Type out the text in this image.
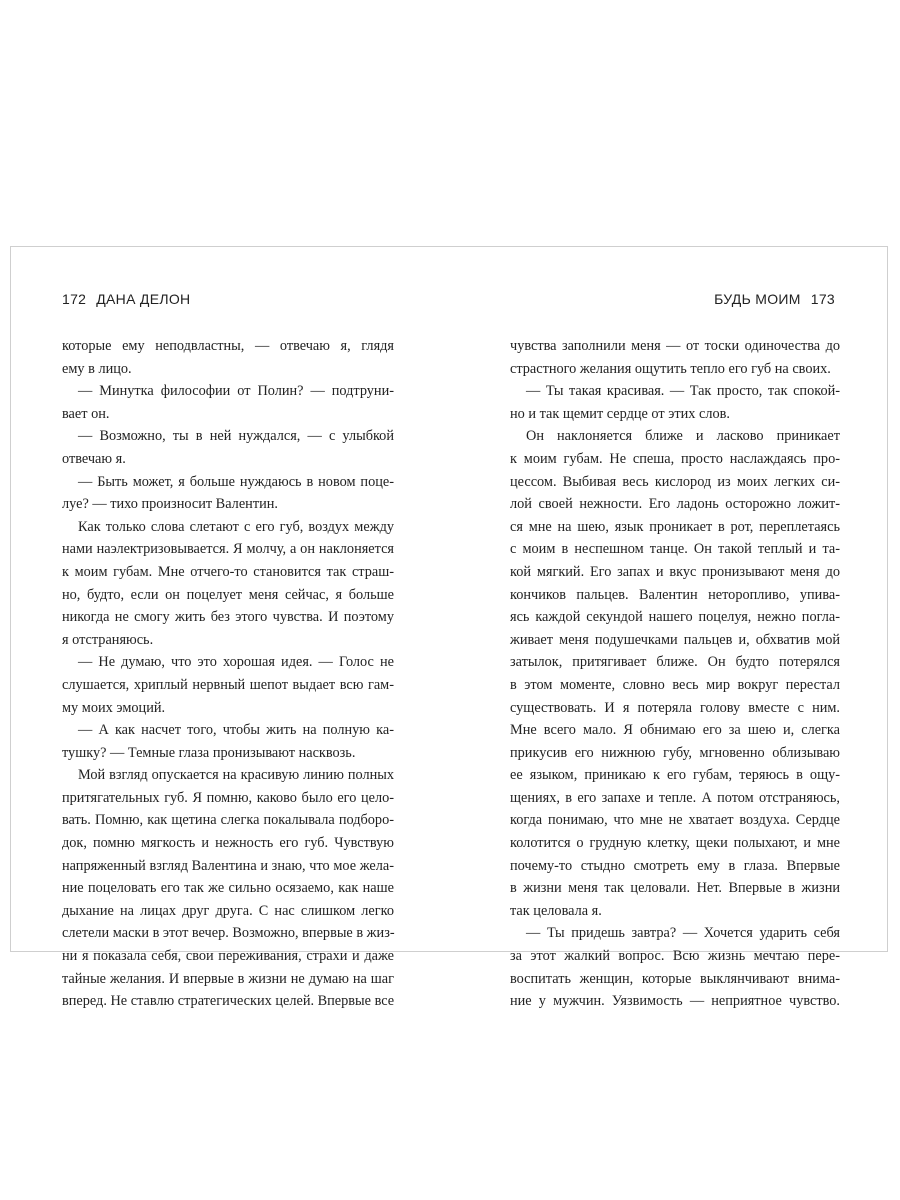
172 ДАНА ДЕЛОН
которые ему неподвластны, — отвечаю я, глядя
ему в лицо.
— Минутка философии от Полин? — подтруни-
вает он.
— Возможно, ты в ней нуждался, — с улыбкой
отвечаю я.
— Быть может, я больше нуждаюсь в новом поце-
луе? — тихо произносит Валентин.
Как только слова слетают с его губ, воздух между
нами наэлектризовывается. Я молчу, а он наклоняется
к моим губам. Мне отчего-то становится так страш-
но, будто, если он поцелует меня сейчас, я больше
никогда не смогу жить без этого чувства. И поэтому
я отстраняюсь.
— Не думаю, что это хорошая идея. — Голос не
слушается, хриплый нервный шепот выдает всю гам-
му моих эмоций.
— А как насчет того, чтобы жить на полную ка-
тушку? — Темные глаза пронизывают насквозь.
Мой взгляд опускается на красивую линию полных
притягательных губ. Я помню, каково было его цело-
вать. Помню, как щетина слегка покалывала подборо-
док, помню мягкость и нежность его губ. Чувствую
напряженный взгляд Валентина и знаю, что мое жела-
ние поцеловать его так же сильно осязаемо, как наше
дыхание на лицах друг друга. С нас слишком легко
слетели маски в этот вечер. Возможно, впервые в жиз-
ни я показала себя, свои переживания, страхи и даже
тайные желания. И впервые в жизни не думаю на шаг
вперед. Не ставлю стратегических целей. Впервые все
БУДЬ МОИМ 173
чувства заполнили меня — от тоски одиночества до
страстного желания ощутить тепло его губ на своих.
— Ты такая красивая. — Так просто, так спокой-
но и так щемит сердце от этих слов.
Он наклоняется ближе и ласково приникает
к моим губам. Не спеша, просто наслаждаясь про-
цессом. Выбивая весь кислород из моих легких си-
лой своей нежности. Его ладонь осторожно ложит-
ся мне на шею, язык проникает в рот, переплетаясь
с моим в неспешном танце. Он такой теплый и та-
кой мягкий. Его запах и вкус пронизывают меня до
кончиков пальцев. Валентин неторопливо, упива-
ясь каждой секундой нашего поцелуя, нежно погла-
живает меня подушечками пальцев и, обхватив мой
затылок, притягивает ближе. Он будто потерялся
в этом моменте, словно весь мир вокруг перестал
существовать. И я потеряла голову вместе с ним.
Мне всего мало. Я обнимаю его за шею и, слегка
прикусив его нижнюю губу, мгновенно облизываю
ее языком, приникаю к его губам, теряюсь в ощу-
щениях, в его запахе и тепле. А потом отстраняюсь,
когда понимаю, что мне не хватает воздуха. Сердце
колотится о грудную клетку, щеки полыхают, и мне
почему-то стыдно смотреть ему в глаза. Впервые
в жизни меня так целовали. Нет. Впервые в жизни
так целовала я.
— Ты придешь завтра? — Хочется ударить себя
за этот жалкий вопрос. Всю жизнь мечтаю пере-
воспитать женщин, которые выклянчивают внима-
ние у мужчин. Уязвимость — неприятное чувство.
